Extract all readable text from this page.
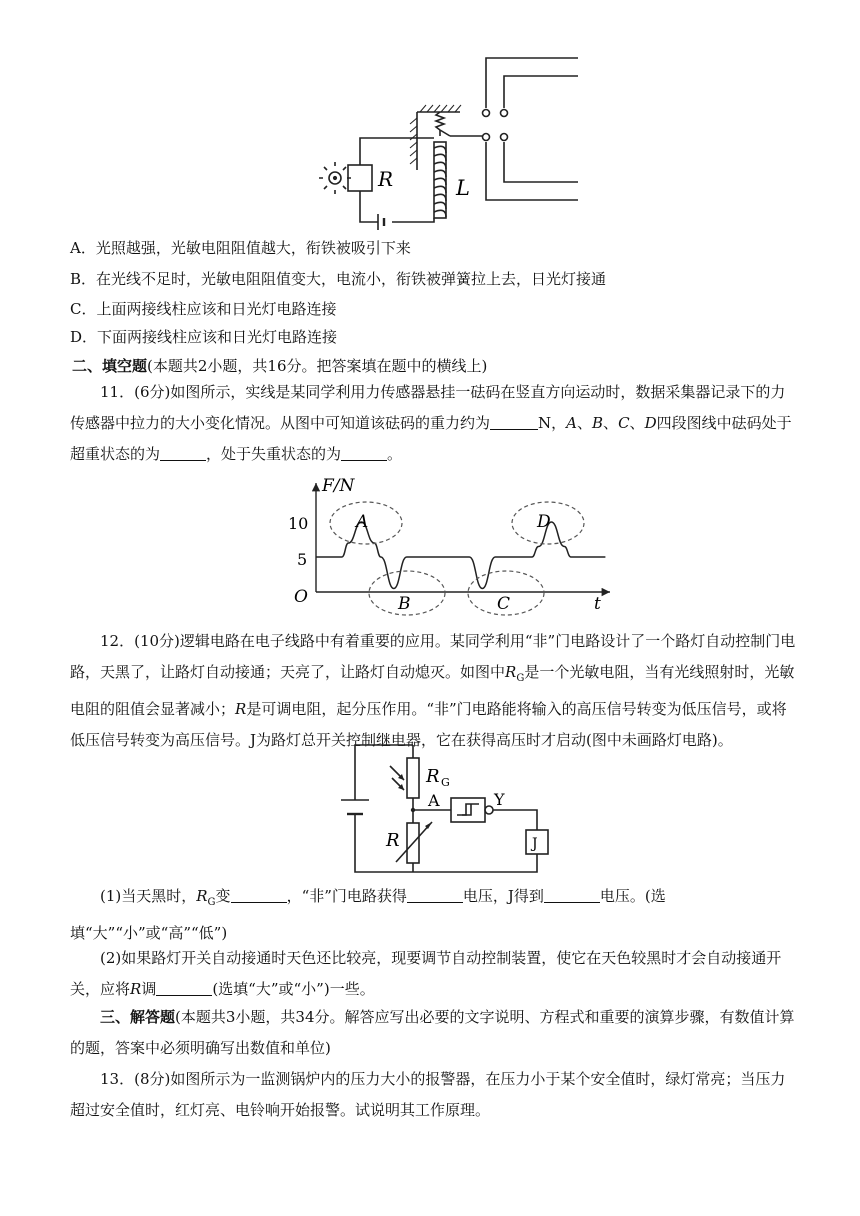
R	L
A．光照越强，光敏电阻阻值越大，衔铁被吸引下来
B．在光线不足时，光敏电阻阻值变大，电流小，衔铁被弹簧拉上去，日光灯接通
C．上面两接线柱应该和日光灯电路连接
D．下面两接线柱应该和日光灯电路连接
二、填空题(本题共2小题，共16分。把答案填在题中的横线上)

11．(6分)如图所示，实线是某同学利用力传感器悬挂一砝码在竖直方向运动时，数据采集器记录下的力传感器中拉力的大小变化情况。从图中可知道该砝码的重力约为	N，A、B、C、D四段图线中砝码处于超重状态的为	，处于失重状态的为	。

F/N
t
O
10
5
A
B	C
D

12．(10分)逻辑电路在电子线路中有着重要的应用。某同学利用“非”门电路设计了一个路灯自动控制门电路，天黑了，让路灯自动接通；天亮了，让路灯自动熄灭。如图中$R_G$是一个光敏电阻，当有光线照射时，光敏电阻的阻值会显著减小；R是可调电阻，起分压作用。“非”门电路能将输入的高压信号转变为低压信号，或将低压信号转变为高压信号。J为路灯总开关控制继电器，它在获得高压时才启动(图中未画路灯电路)。

R G
A	Y
R	J

(1)当天黑时，$R_G$变	，“非”门电路获得	电压，J得到	电压。(选填“大”“小”或“高”“低”)

(2)如果路灯开关自动接通时天色还比较亮，现要调节自动控制装置，使它在天色较黑时才会自动接通开关，应将R调	(选填“大”或“小”)一些。

三、解答题(本题共3小题，共34分。解答应写出必要的文字说明、方程式和重要的演算步骤，有数值计算的题，答案中必须明确写出数值和单位)

13．(8分)如图所示为一监测锅炉内的压力大小的报警器，在压力小于某个安全值时，绿灯常亮；当压力超过安全值时，红灯亮、电铃响开始报警。试说明其工作原理。
